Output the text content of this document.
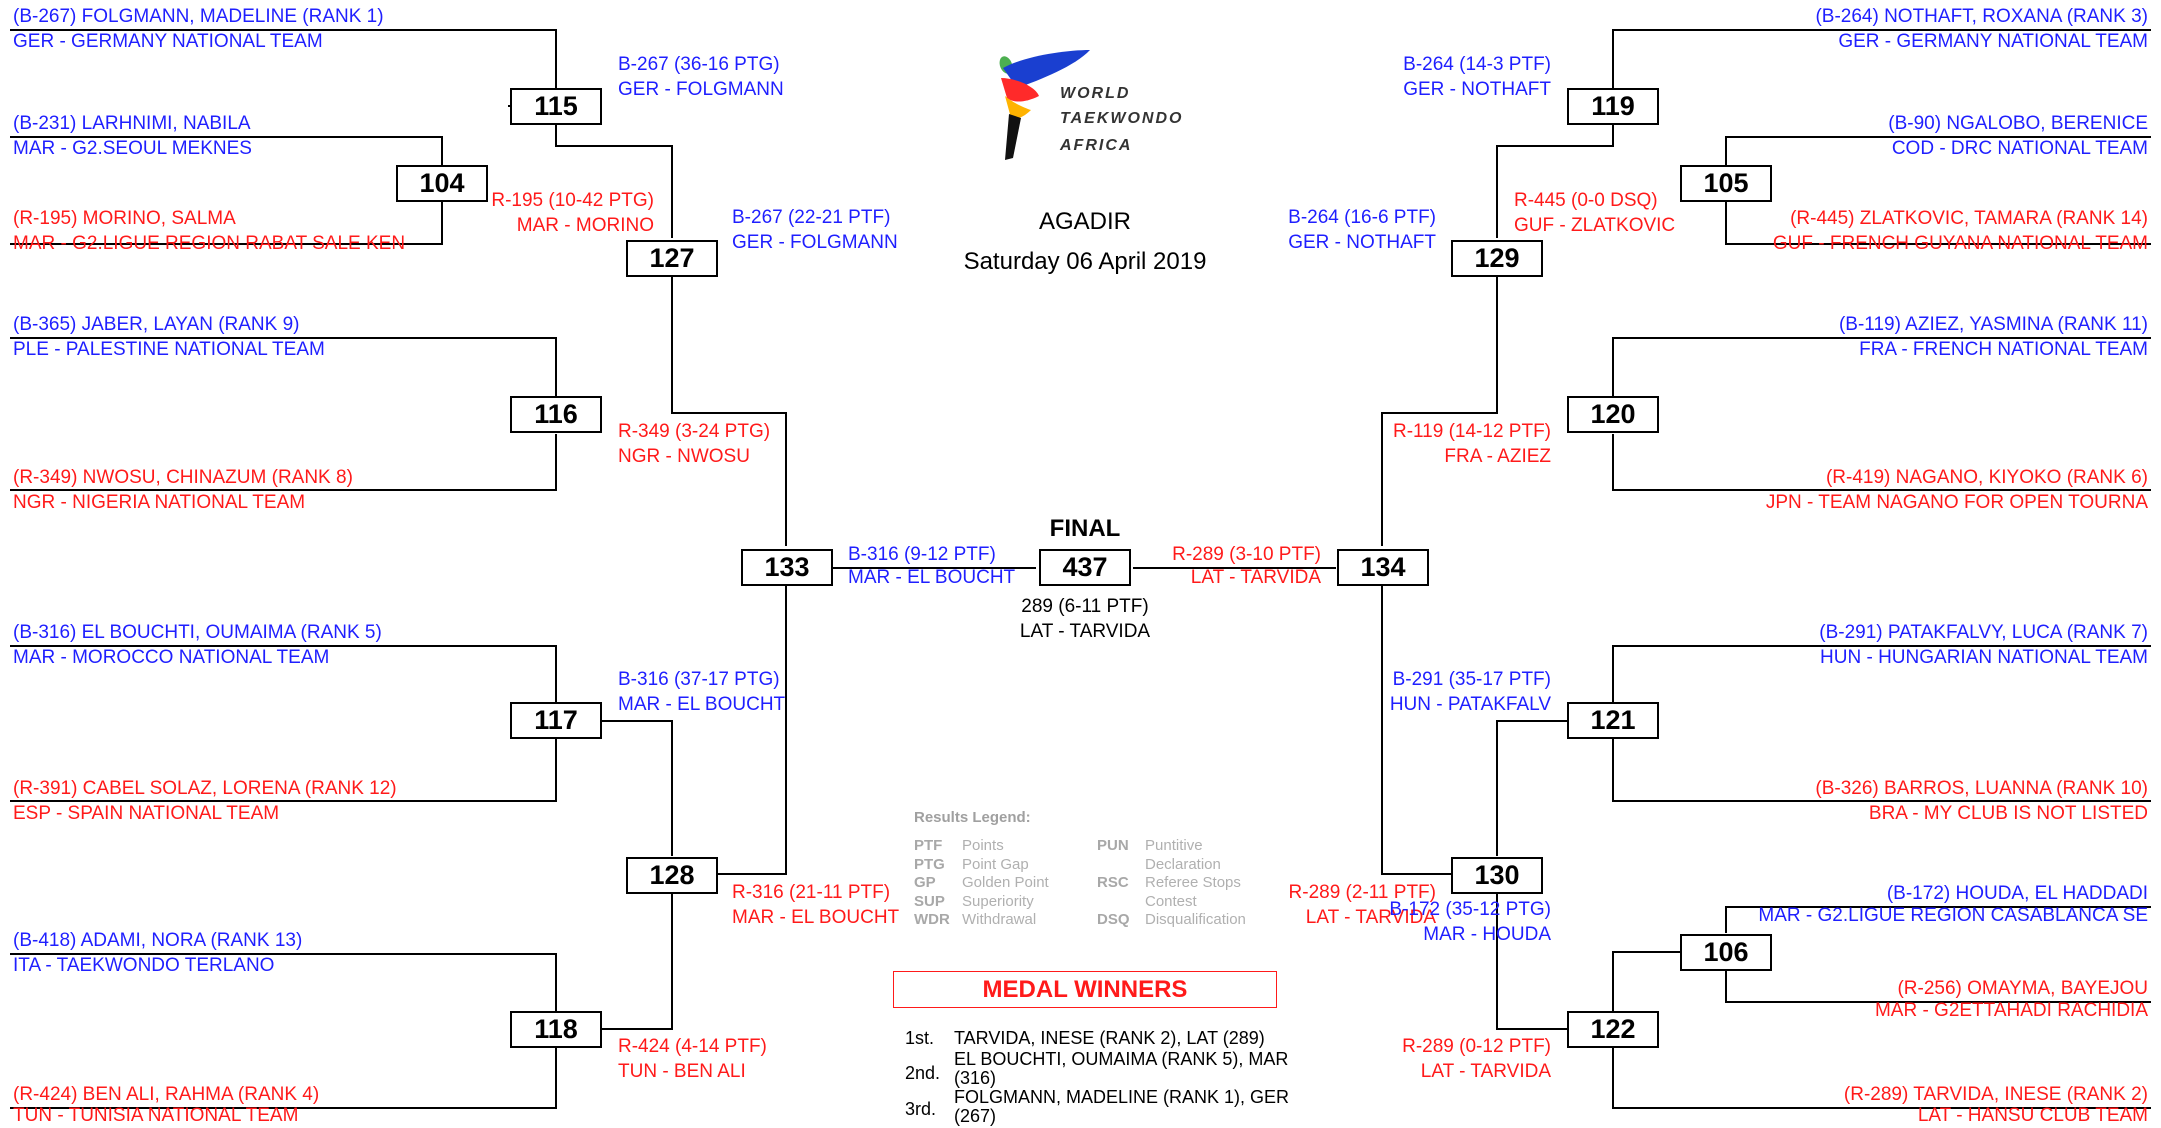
WORLD
TAEKWONDO
AFRICA
AGADIR
Saturday 06 April 2019
FINAL
(B-267) FOLGMANN, MADELINE (RANK 1)
GER - GERMANY NATIONAL TEAM
(B-231) LARHNIMI, NABILA
MAR - G2.SEOUL MEKNES
(R-195) MORINO, SALMA
MAR - G2.LIGUE REGION RABAT SALE KEN
(B-365) JABER, LAYAN (RANK 9)
PLE - PALESTINE NATIONAL TEAM
(R-349) NWOSU, CHINAZUM (RANK 8)
NGR - NIGERIA NATIONAL TEAM
(B-316) EL BOUCHTI, OUMAIMA (RANK 5)
MAR - MOROCCO NATIONAL TEAM
(R-391) CABEL SOLAZ, LORENA (RANK 12)
ESP - SPAIN NATIONAL TEAM
(B-418) ADAMI, NORA (RANK 13)
ITA - TAEKWONDO TERLANO
(R-424) BEN ALI, RAHMA (RANK 4)
TUN - TUNISIA NATIONAL TEAM
(B-264) NOTHAFT, ROXANA (RANK 3)
GER - GERMANY NATIONAL TEAM
(B-90) NGALOBO, BERENICE
COD - DRC NATIONAL TEAM
(R-445) ZLATKOVIC, TAMARA (RANK 14)
GUF - FRENCH GUYANA NATIONAL TEAM
(B-119) AZIEZ, YASMINA (RANK 11)
FRA - FRENCH NATIONAL TEAM
(R-419) NAGANO, KIYOKO (RANK 6)
JPN - TEAM NAGANO FOR OPEN TOURNA
(B-291) PATAKFALVY, LUCA (RANK 7)
HUN - HUNGARIAN NATIONAL TEAM
(B-326) BARROS, LUANNA (RANK 10)
BRA - MY CLUB IS NOT LISTED
(B-172) HOUDA, EL HADDADI
MAR - G2.LIGUE REGION CASABLANCA SE
(R-256) OMAYMA, BAYEJOU
MAR - G2ETTAHADI RACHIDIA
(R-289) TARVIDA, INESE (RANK 2)
LAT - HANSU CLUB TEAM
B-267 (36-16 PTG)
GER - FOLGMANN
R-195 (10-42 PTG)
MAR - MORINO	B-267 (22-21 PTF)
GER - FOLGMANN
R-349 (3-24 PTG)
NGR - NWOSU
B-316 (37-17 PTG)
MAR - EL BOUCHT
R-316 (21-11 PTF)
MAR - EL BOUCHT
R-424 (4-14 PTF)
TUN - BEN ALI
B-316 (9-12 PTF)
MAR - EL BOUCHT
B-264 (14-3 PTF)
GER - NOTHAFT
R-445 (0-0 DSQ)
GUF - ZLATKOVIC
B-264 (16-6 PTF)
GER - NOTHAFT
R-119 (14-12 PTF)
FRA - AZIEZ
R-289 (3-10 PTF)
LAT - TARVIDA
B-291 (35-17 PTF)
HUN - PATAKFALV
R-289 (2-11 PTF)
LAT - TARVIDA
B-172 (35-12 PTG)
MAR - HOUDA
R-289 (0-12 PTF)
LAT - TARVIDA
289 (6-11 PTF)
LAT - TARVIDA
115
104
127
116
133
117
128
118
119
105
129
120
437	134
121
130
106
122
Results Legend:
PTF Points
PTG Point Gap
GP Golden Point
SUP Superiority
WDR Withdrawal
PUN Puntitive
Declaration
RSC Referee Stops
Contest
DSQ Disqualification
MEDAL WINNERS
1st. TARVIDA, INESE (RANK 2), LAT (289)
2nd.
EL BOUCHTI, OUMAIMA (RANK 5), MAR (316)
3rd.
FOLGMANN, MADELINE (RANK 1), GER (267)
